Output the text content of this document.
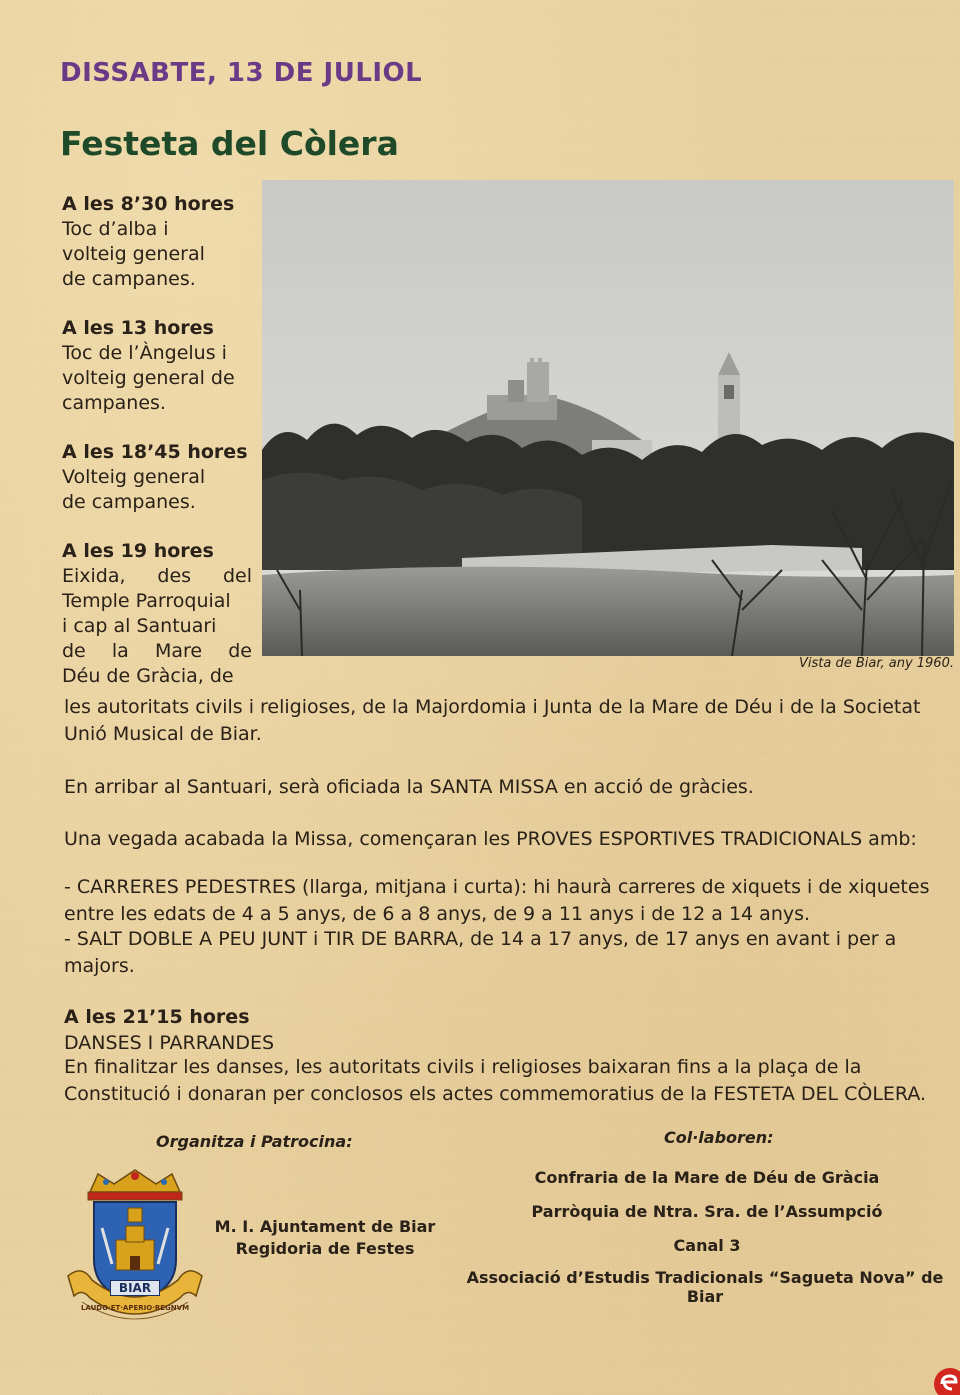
DISSABTE, 13 DE JULIOL
Festeta del Còlera
A les 8’30 hores
Toc d’alba i
volteig general
de campanes.
A les 13 hores
Toc de l’Àngelus i
volteig general de
campanes.
A les 18’45 hores
Volteig general
de campanes.
A les 19 hores
Eixida, des del
Temple Parroquial
i cap al Santuari
de la Mare de
Déu de Gràcia, de
Vista de Biar, any 1960.
les autoritats civils i religioses, de la Majordomia i Junta de la Mare de Déu i de la Societat Unió Musical de Biar.
En arribar al Santuari, serà oficiada la SANTA MISSA en acció de gràcies.
Una vegada acabada la Missa, començaran les PROVES ESPORTIVES TRADICIONALS amb:
- CARRERES PEDESTRES (llarga, mitjana i curta): hi haurà carreres de xiquets i de xiquetes entre les edats de 4 a 5 anys, de 6 a 8 anys, de 9 a 11 anys i de 12 a 14 anys.
- SALT DOBLE A PEU JUNT i TIR DE BARRA, de 14 a 17 anys, de 17 anys en avant i per a majors.
A les 21’15 hores
DANSES I PARRANDES
En finalitzar les danses, les autoritats civils i religioses baixaran fins a la plaça de la Constitució i donaran per conclosos els actes commemoratius de la FESTETA DEL CÒLERA.
Organitza i Patrocina:	Col·laboren:
BIAR
LAUDO·ET·APERIO·REGNVM
M. I. Ajuntament de Biar
Regidoria de Festes
Confraria de la Mare de Déu de Gràcia
Parròquia de Ntra. Sra. de l’Assumpció
Canal 3
Associació d’Estudis Tradicionals “Sagueta Nova” de Biar
